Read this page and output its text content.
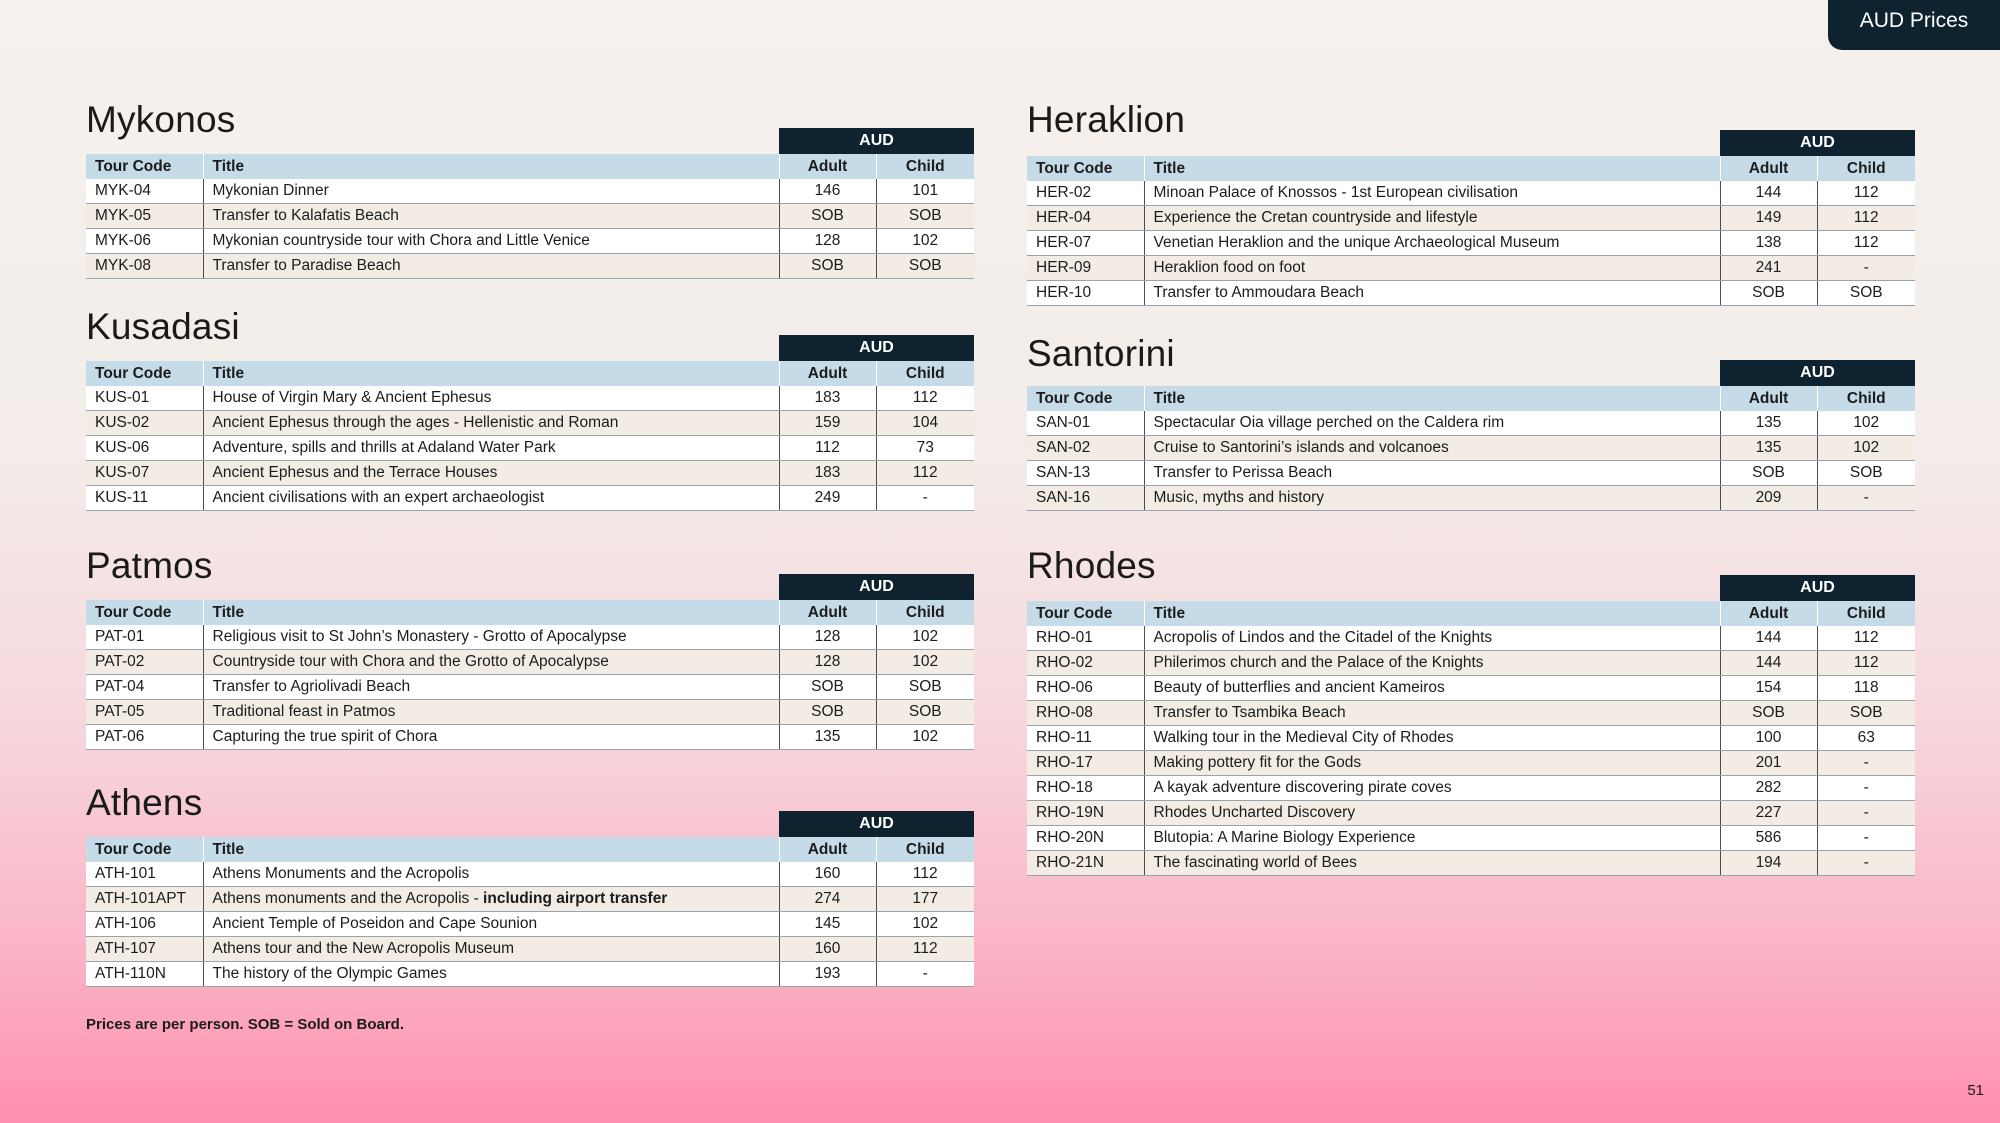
AUD Prices
Mykonos
AUD
Tour Code	Title	Adult	Child
MYK-04	Mykonian Dinner	146	101
MYK-05	Transfer to Kalafatis Beach	SOB	SOB
MYK-06	Mykonian countryside tour with Chora and Little Venice	128	102
MYK-08	Transfer to Paradise Beach	SOB	SOB
Kusadasi
AUD
Tour Code	Title	Adult	Child
KUS-01	House of Virgin Mary & Ancient Ephesus	183	112
KUS-02	Ancient Ephesus through the ages - Hellenistic and Roman	159	104
KUS-06	Adventure, spills and thrills at Adaland Water Park	112	73
KUS-07	Ancient Ephesus and the Terrace Houses	183	112
KUS-11	Ancient civilisations with an expert archaeologist	249	-
Patmos
AUD
Tour Code	Title	Adult	Child
PAT-01	Religious visit to St John’s Monastery - Grotto of Apocalypse	128	102
PAT-02	Countryside tour with Chora and the Grotto of Apocalypse	128	102
PAT-04	Transfer to Agriolivadi Beach	SOB	SOB
PAT-05	Traditional feast in Patmos	SOB	SOB
PAT-06	Capturing the true spirit of Chora	135	102
Athens
AUD
Tour Code	Title	Adult	Child
ATH-101	Athens Monuments and the Acropolis	160	112
ATH-101APT	Athens monuments and the Acropolis - including airport transfer	274	177
ATH-106	Ancient Temple of Poseidon and Cape Sounion	145	102
ATH-107	Athens tour and the New Acropolis Museum	160	112
ATH-110N	The history of the Olympic Games	193	-
Heraklion
AUD
Tour Code	Title	Adult	Child
HER-02	Minoan Palace of Knossos - 1st European civilisation	144	112
HER-04	Experience the Cretan countryside and lifestyle	149	112
HER-07	Venetian Heraklion and the unique Archaeological Museum	138	112
HER-09	Heraklion food on foot	241	-
HER-10	Transfer to Ammoudara Beach	SOB	SOB
Santorini	AUD
Tour Code	Title	Adult	Child
SAN-01	Spectacular Oia village perched on the Caldera rim	135	102
SAN-02	Cruise to Santorini’s islands and volcanoes	135	102
SAN-13	Transfer to Perissa Beach	SOB	SOB
SAN-16	Music, myths and history	209	-
Rhodes
AUD
Tour Code	Title	Adult	Child
RHO-01	Acropolis of Lindos and the Citadel of the Knights	144	112
RHO-02	Philerimos church and the Palace of the Knights	144	112
RHO-06	Beauty of butterflies and ancient Kameiros	154	118
RHO-08	Transfer to Tsambika Beach	SOB	SOB
RHO-11	Walking tour in the Medieval City of Rhodes	100	63
RHO-17	Making pottery fit for the Gods	201	-
RHO-18	A kayak adventure discovering pirate coves	282	-
RHO-19N	Rhodes Uncharted Discovery	227	-
RHO-20N	Blutopia: A Marine Biology Experience	586	-
RHO-21N	The fascinating world of Bees	194	-
Prices are per person. SOB = Sold on Board.
51
